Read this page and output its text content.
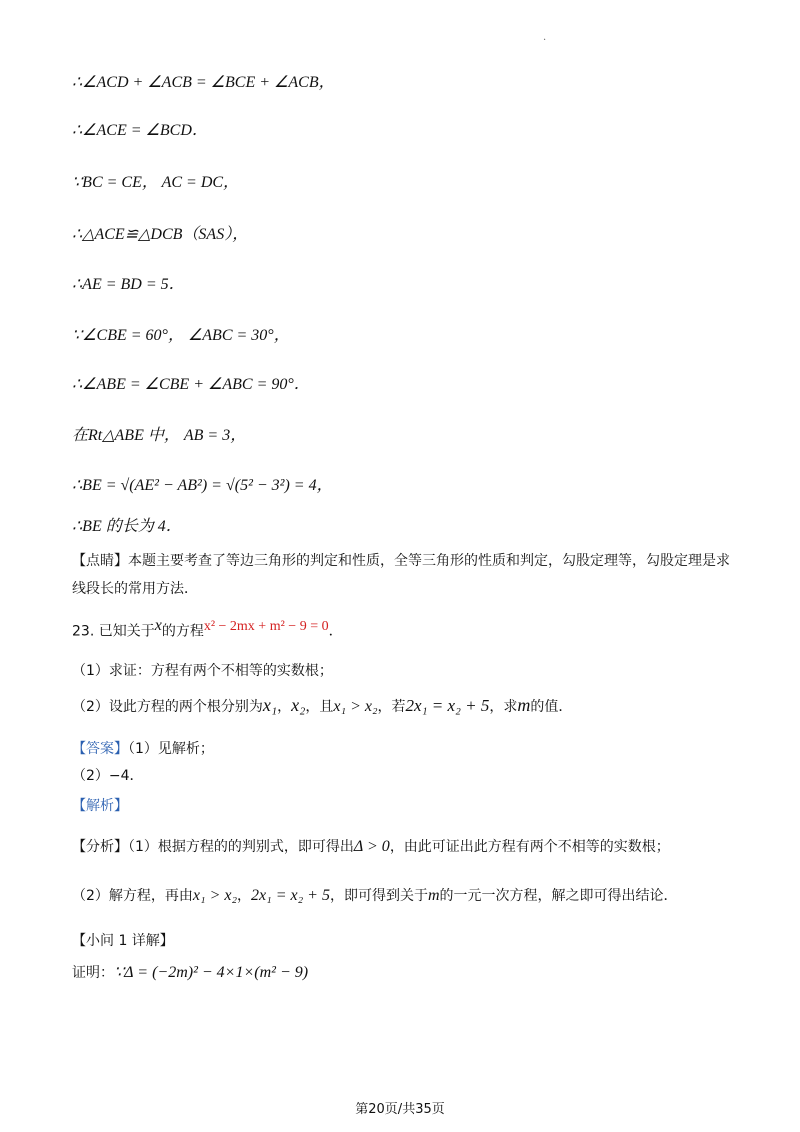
.
∴∠ACD + ∠ACB = ∠BCE + ∠ACB，
∴∠ACE = ∠BCD．
∵BC = CE， AC = DC，
∴△ACE≌△DCB（SAS），
∴AE = BD = 5．
∵∠CBE = 60°， ∠ABC = 30°，
∴∠ABE = ∠CBE + ∠ABC = 90°．
在Rt△ABE 中， AB = 3，
∴BE = √(AE² − AB²) = √(5² − 3²) = 4，
∴BE 的长为 4．
【点睛】本题主要考查了等边三角形的判定和性质，全等三角形的性质和判定，勾股定理等，勾股定理是求线段长的常用方法．
23. 已知关于$^x$的方程$^{x^2 - 2mx + m^2 - 9 = 0}$．
（1）求证：方程有两个不相等的实数根；
（2）设此方程的两个根分别为x₁，x₂，且x₁ > x₂，若2x₁ = x₂ + 5，求m的值．
【答案】（1）见解析；
（2）−4．
【解析】
【分析】（1）根据方程的的判别式，即可得出Δ > 0，由此可证出此方程有两个不相等的实数根；
（2）解方程，再由x₁ > x₂，2x₁ = x₂ + 5，即可得到关于m的一元一次方程，解之即可得出结论．
【小问 1 详解】
证明：∵Δ = (−2m)² − 4×1×(m² − 9)
第20页/共35页
